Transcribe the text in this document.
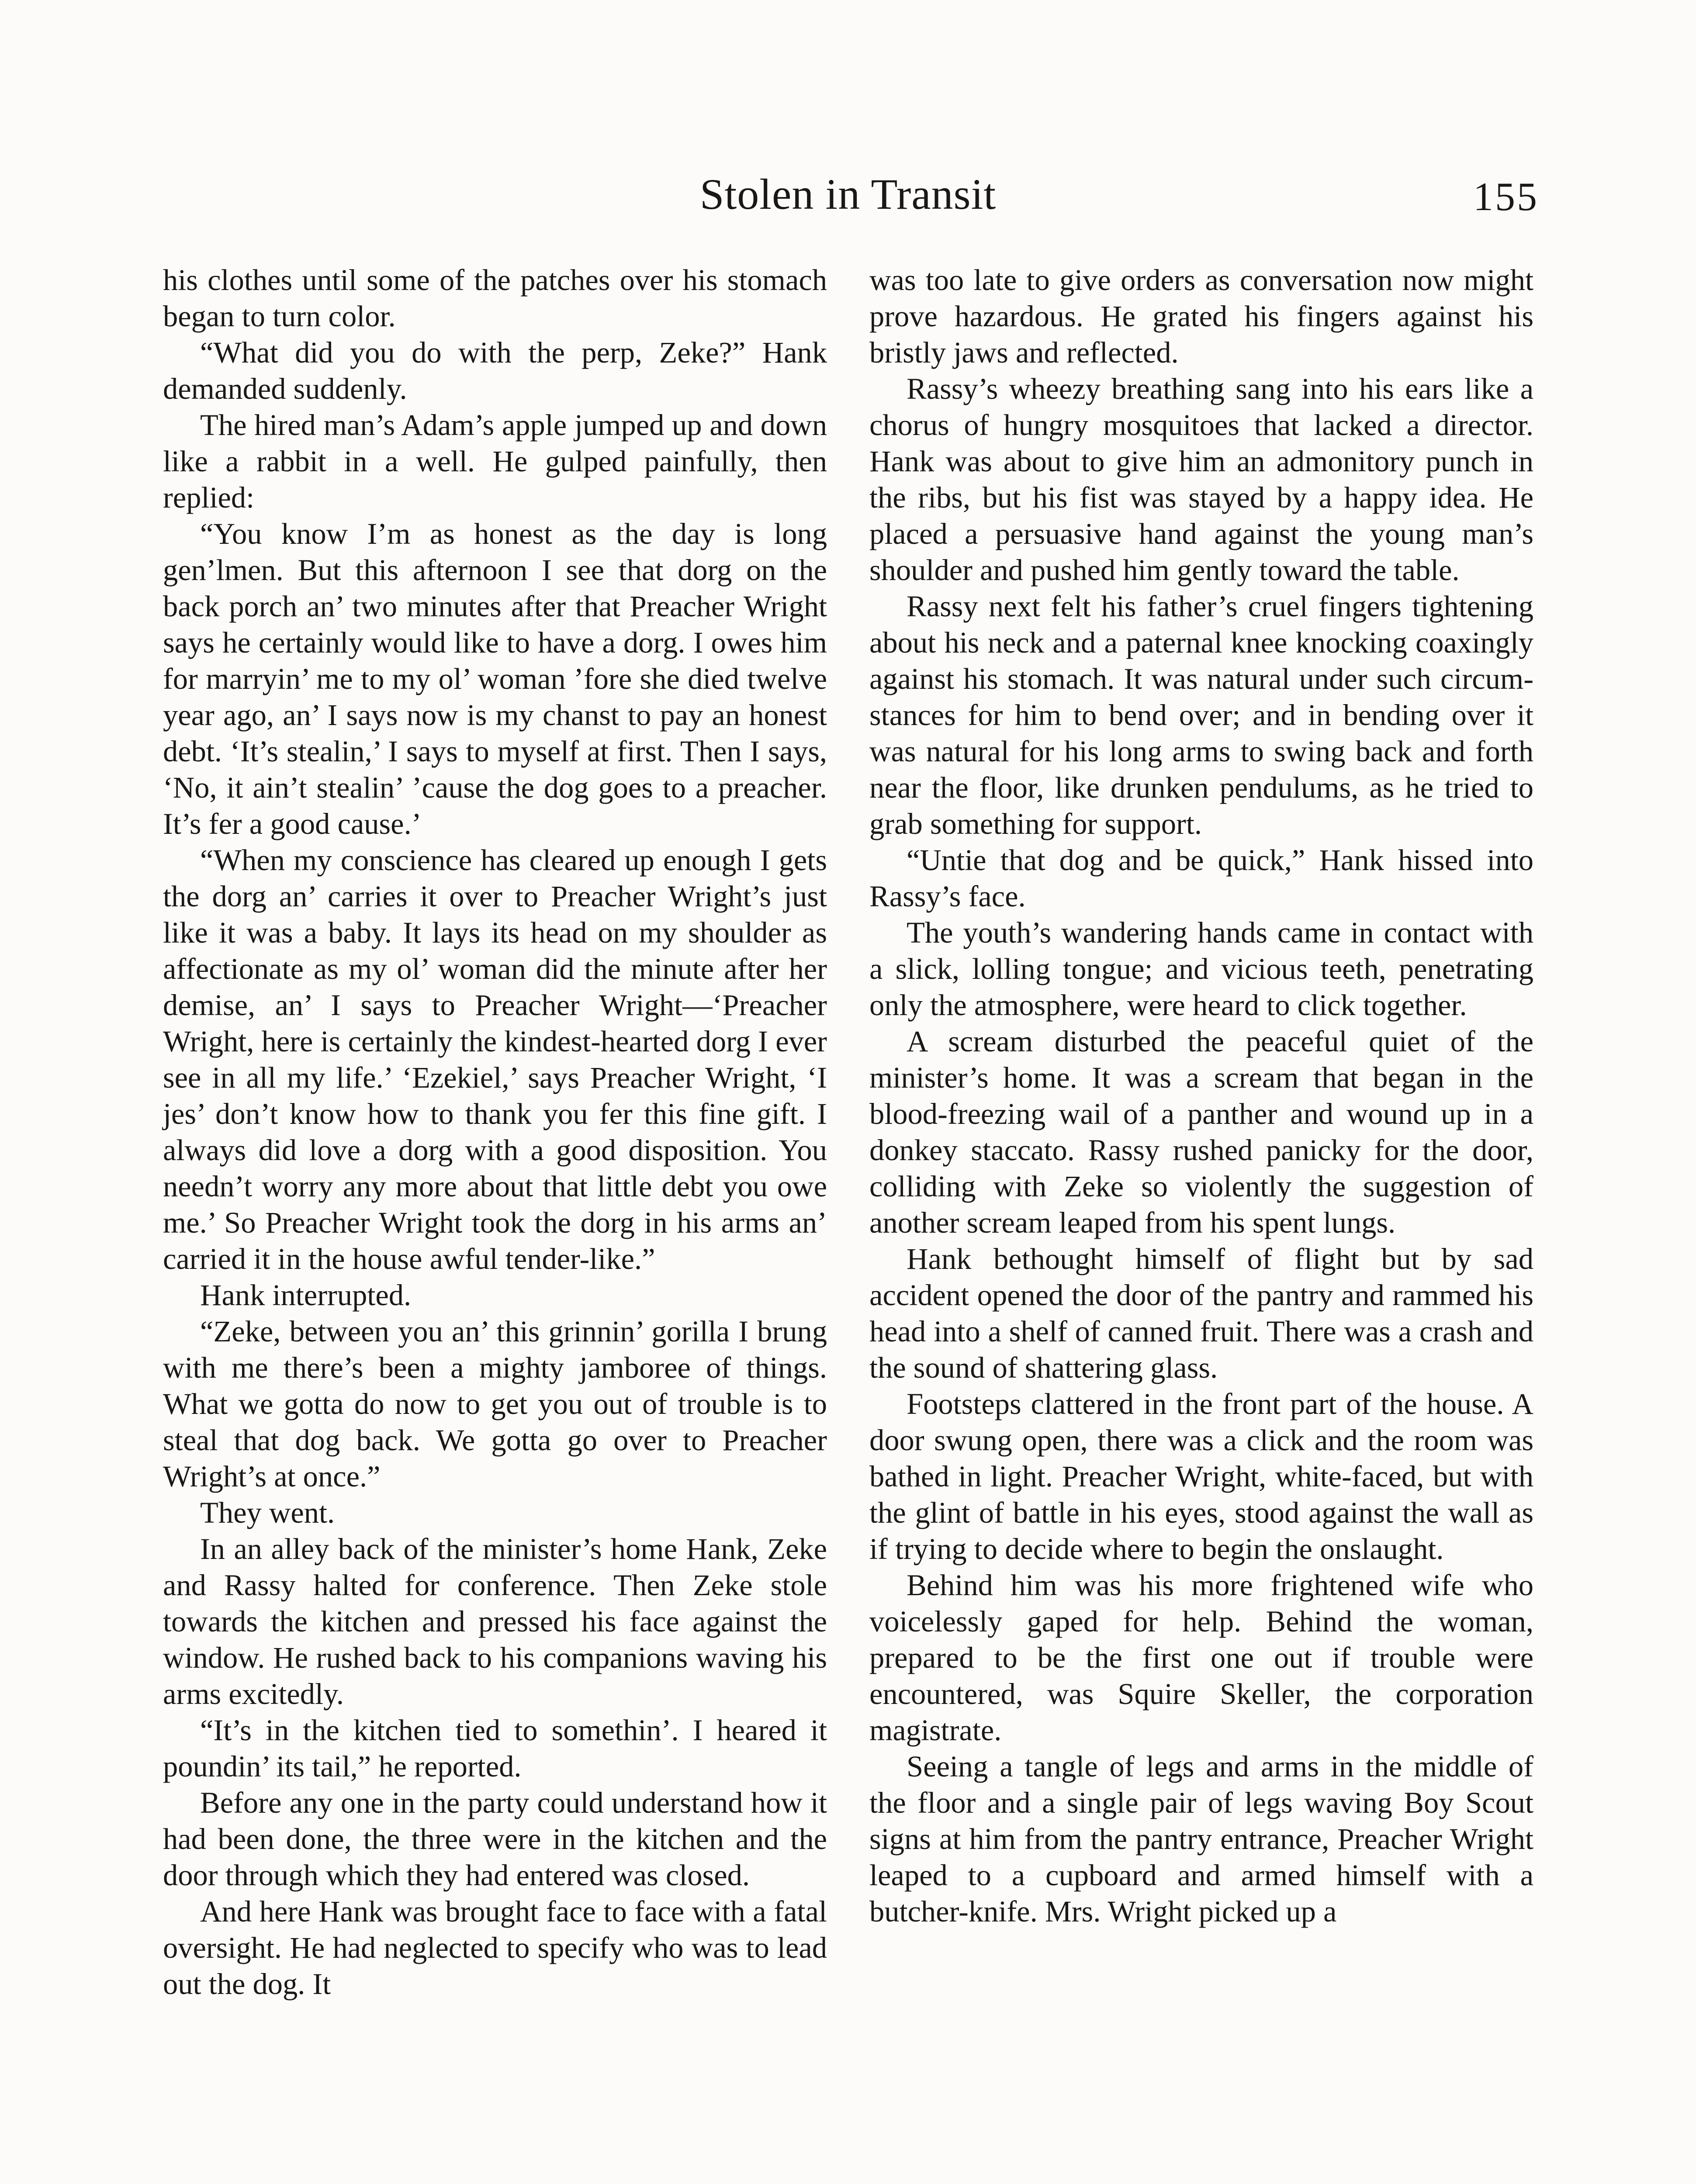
Stolen in Transit	155

his clothes until some of the patches over his stomach began to turn color.

“What did you do with the perp, Zeke?” Hank demanded suddenly.

The hired man’s Adam’s apple jumped up and down like a rabbit in a well. He gulped painfully, then replied:

“You know I’m as honest as the day is long gen’lmen. But this afternoon I see that dorg on the back porch an’ two minutes after that Preacher Wright says he certainly would like to have a dorg. I owes him for marryin’ me to my ol’ woman ’fore she died twelve year ago, an’ I says now is my chanst to pay an honest debt. ‘It’s stealin,’ I says to myself at first. Then I says, ‘No, it ain’t stealin’ ’cause the dog goes to a preacher. It’s fer a good cause.’

“When my conscience has cleared up enough I gets the dorg an’ carries it over to Preacher Wright’s just like it was a baby. It lays its head on my shoulder as affectionate as my ol’ woman did the minute after her demise, an’ I says to Preacher Wright—‘Preacher Wright, here is certainly the kindest-hearted dorg I ever see in all my life.’ ‘Ezekiel,’ says Preacher Wright, ‘I jes’ don’t know how to thank you fer this fine gift. I always did love a dorg with a good disposition. You needn’t worry any more about that little debt you owe me.’ So Preacher Wright took the dorg in his arms an’ carried it in the house awful tender-like.”

Hank interrupted.

“Zeke, between you an’ this grinnin’ gorilla I brung with me there’s been a mighty jamboree of things. What we gotta do now to get you out of trouble is to steal that dog back. We gotta go over to Preacher Wright’s at once.”

They went.

In an alley back of the minister’s home Hank, Zeke and Rassy halted for conference. Then Zeke stole towards the kitchen and pressed his face against the window. He rushed back to his companions waving his arms excitedly.

“It’s in the kitchen tied to somethin’. I heared it poundin’ its tail,” he reported.

Before any one in the party could understand how it had been done, the three were in the kitchen and the door through which they had entered was closed.

And here Hank was brought face to face with a fatal oversight. He had neglected to specify who was to lead out the dog. It

was too late to give orders as conversation now might prove hazardous. He grated his fingers against his bristly jaws and reflected.

Rassy’s wheezy breathing sang into his ears like a chorus of hungry mosquitoes that lacked a director. Hank was about to give him an admonitory punch in the ribs, but his fist was stayed by a happy idea. He placed a persuasive hand against the young man’s shoulder and pushed him gently toward the table.

Rassy next felt his father’s cruel fingers tightening about his neck and a paternal knee knocking coaxingly against his stomach. It was natural under such circumstances for him to bend over; and in bending over it was natural for his long arms to swing back and forth near the floor, like drunken pendulums, as he tried to grab something for support.

“Untie that dog and be quick,” Hank hissed into Rassy’s face.

The youth’s wandering hands came in contact with a slick, lolling tongue; and vicious teeth, penetrating only the atmosphere, were heard to click together.

A scream disturbed the peaceful quiet of the minister’s home. It was a scream that began in the blood-freezing wail of a panther and wound up in a donkey staccato. Rassy rushed panicky for the door, colliding with Zeke so violently the suggestion of another scream leaped from his spent lungs.

Hank bethought himself of flight but by sad accident opened the door of the pantry and rammed his head into a shelf of canned fruit. There was a crash and the sound of shattering glass.

Footsteps clattered in the front part of the house. A door swung open, there was a click and the room was bathed in light. Preacher Wright, white-faced, but with the glint of battle in his eyes, stood against the wall as if trying to decide where to begin the onslaught.

Behind him was his more frightened wife who voicelessly gaped for help. Behind the woman, prepared to be the first one out if trouble were encountered, was Squire Skeller, the corporation magistrate.

Seeing a tangle of legs and arms in the middle of the floor and a single pair of legs waving Boy Scout signs at him from the pantry entrance, Preacher Wright leaped to a cupboard and armed himself with a butcher-knife. Mrs. Wright picked up a
